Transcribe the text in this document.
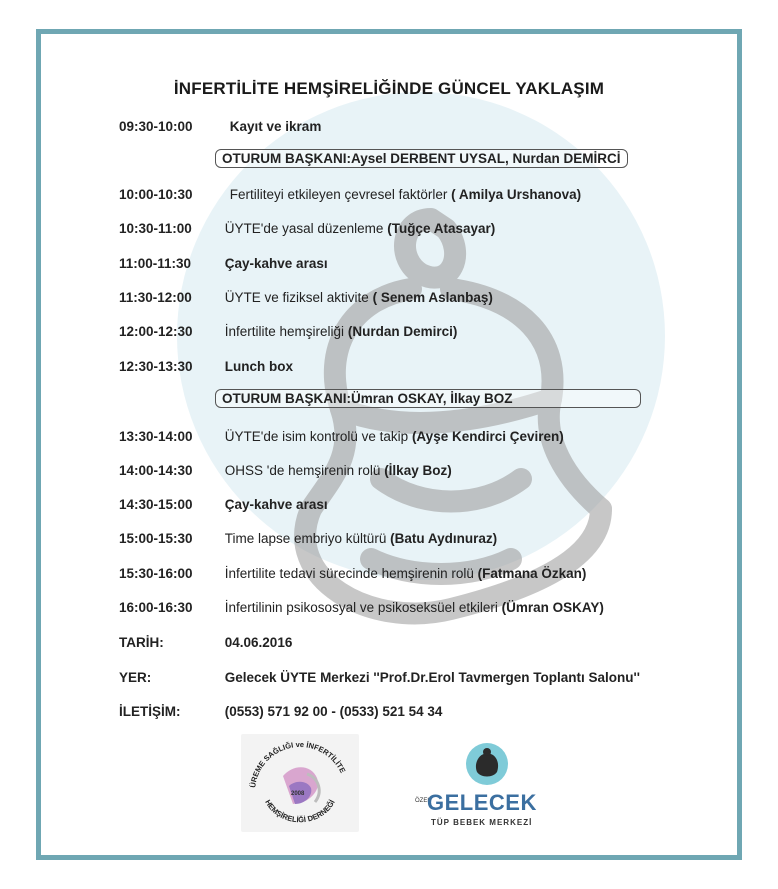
İNFERTİLİTE HEMŞİRELİĞİNDE GÜNCEL YAKLAŞIM
09:30-10:00	Kayıt ve ikram
OTURUM BAŞKANI:Aysel DERBENT UYSAL, Nurdan DEMİRCİ
10:00-10:30	Fertiliteyi etkileyen çevresel faktörler ( Amilya Urshanova)
10:30-11:00 ÜYTE'de yasal düzenleme (Tuğçe Atasayar)
11:00-11:30 Çay-kahve arası
11:30-12:00 ÜYTE ve fiziksel aktivite ( Senem Aslanbaş)
12:00-12:30 İnfertilite hemşireliği (Nurdan Demirci)
12:30-13:30 Lunch box
OTURUM BAŞKANI:Ümran OSKAY, İlkay BOZ
13:30-14:00 ÜYTE'de isim kontrolü ve takip (Ayşe Kendirci Çeviren)
14:00-14:30 OHSS 'de hemşirenin rolü (İlkay Boz)
14:30-15:00 Çay-kahve arası
15:00-15:30 Time lapse embriyo kültürü (Batu Aydınuraz)
15:30-16:00 İnfertilite tedavi sürecinde hemşirenin rolü (Fatmana Özkan)
16:00-16:30 İnfertilinin psikososyal ve psikoseksüel etkileri (Ümran OSKAY)
TARİH:	04.06.2016
YER:	Gelecek ÜYTE Merkezi ''Prof.Dr.Erol Tavmergen Toplantı Salonu''
İLETİŞİM:	(0553) 571 92 00 - (0533) 521 54 34
ÜREME SAĞLIĞI ve İNFERTİLİTE
HEMŞİRELİĞİ DERNEĞİ
2008
ÖZEL
GELECEK
TÜP BEBEK MERKEZİ
